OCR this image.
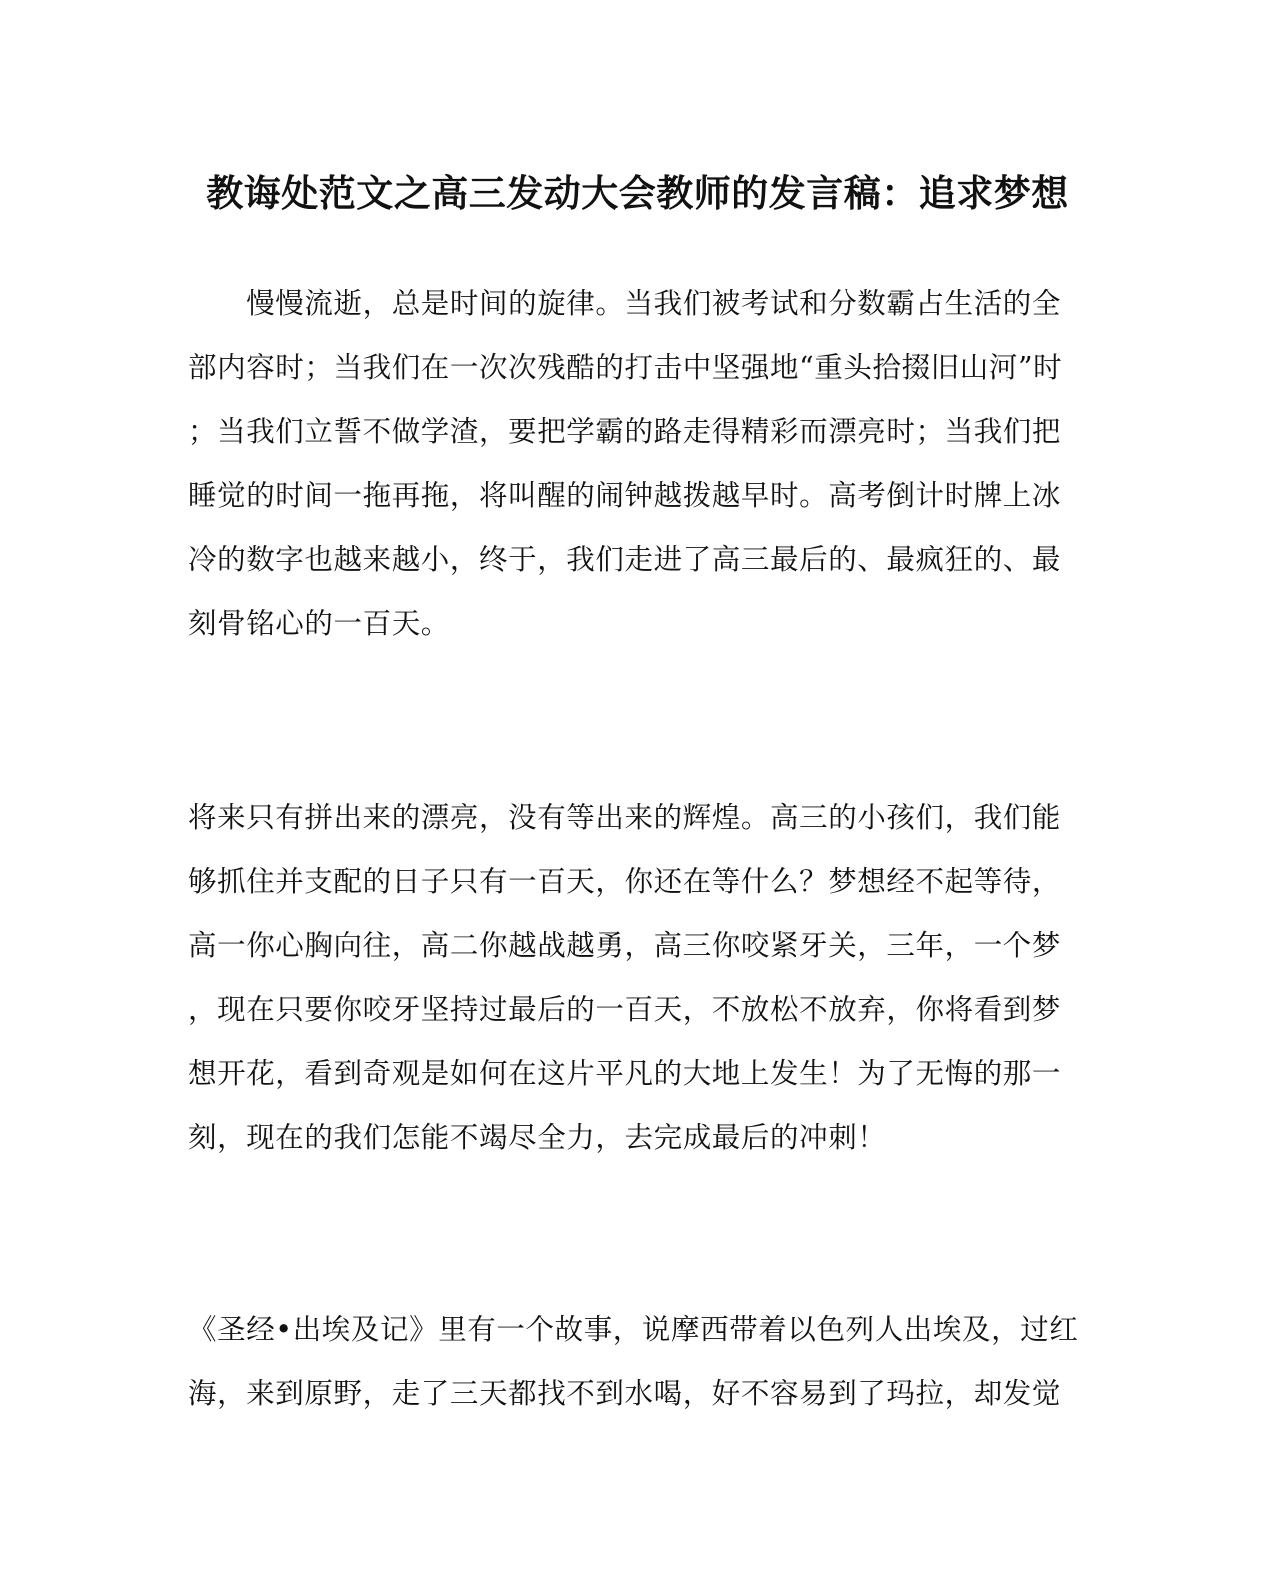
教诲处范文之高三发动大会教师的发言稿：追求梦想
　　慢慢流逝，总是时间的旋律。当我们被考试和分数霸占生活的全
部内容时；当我们在一次次残酷的打击中坚强地“重头拾掇旧山河”时
；当我们立誓不做学渣，要把学霸的路走得精彩而漂亮时；当我们把
睡觉的时间一拖再拖，将叫醒的闹钟越拨越早时。高考倒计时牌上冰
冷的数字也越来越小，终于，我们走进了高三最后的、最疯狂的、最
刻骨铭心的一百天。
将来只有拼出来的漂亮，没有等出来的辉煌。高三的小孩们，我们能
够抓住并支配的日子只有一百天，你还在等什么？梦想经不起等待，
高一你心胸向往，高二你越战越勇，高三你咬紧牙关，三年，一个梦
，现在只要你咬牙坚持过最后的一百天，不放松不放弃，你将看到梦
想开花，看到奇观是如何在这片平凡的大地上发生！为了无悔的那一
刻，现在的我们怎能不竭尽全力，去完成最后的冲刺！
《圣经•出埃及记》里有一个故事，说摩西带着以色列人出埃及，过红
海，来到原野，走了三天都找不到水喝，好不容易到了玛拉，却发觉
